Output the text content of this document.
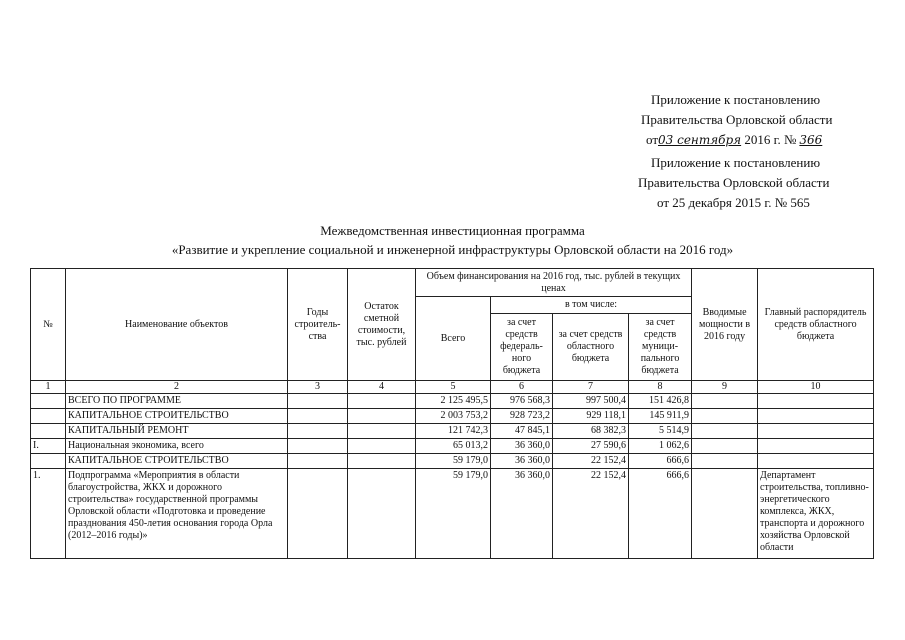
Приложение к постановлению
Правительства Орловской области
от03 сентября 2016 г. № 366
Приложение к постановлению
Правительства Орловской области
от 25 декабря 2015 г. № 565
Межведомственная инвестиционная программа
«Развитие и укрепление социальной и инженерной инфраструктуры Орловской области на 2016 год»
№	Наименование объектов	Годы строитель-ства	Остаток сметной стоимости, тыс. рублей	Объем финансирования на 2016 год, тыс. рублей в текущих ценах				Вводимые мощности в 2016 году	Главный распорядитель средств областного бюджета
				Всего	в том числе:				
					за счет средств федераль-ного бюджета	за счет средств областного бюджета	за счет средств муници-пального бюджета		
1	2	3	4	5	6	7	8	9	10
	ВСЕГО ПО ПРОГРАММЕ			2 125 495,5	976 568,3	997 500,4	151 426,8		
	КАПИТАЛЬНОЕ СТРОИТЕЛЬСТВО			2 003 753,2	928 723,2	929 118,1	145 911,9		
	КАПИТАЛЬНЫЙ РЕМОНТ			121 742,3	47 845,1	68 382,3	5 514,9		
I.	Национальная экономика, всего			65 013,2	36 360,0	27 590,6	1 062,6		
	КАПИТАЛЬНОЕ СТРОИТЕЛЬСТВО			59 179,0	36 360,0	22 152,4	666,6		
1.	Подпрограмма «Мероприятия в области благоустройства, ЖКХ и дорожного строительства» государственной программы Орловской области «Подготовка и проведение празднования 450-летия основания города Орла (2012–2016 годы)»			59 179,0	36 360,0	22 152,4	666,6		Департамент строительства, топливно-энергетического комплекса, ЖКХ, транспорта и дорожного хозяйства Орловской области
